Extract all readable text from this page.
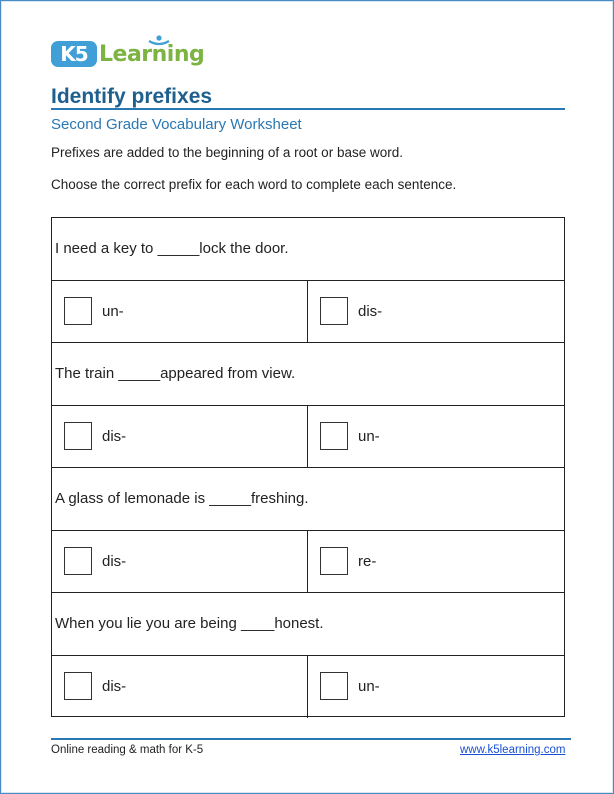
K5 Learning
Identify prefixes
Second Grade Vocabulary Worksheet
Prefixes are added to the beginning of a root or base word.
Choose the correct prefix for each word to complete each sentence.
I need a key to _____lock the door.
un-	dis-
The train _____appeared from view.
dis-	un-
A glass of lemonade is _____freshing.
dis-	re-
When you lie you are being ____honest.
dis-	un-
Online reading & math for K-5	www.k5learning.com
